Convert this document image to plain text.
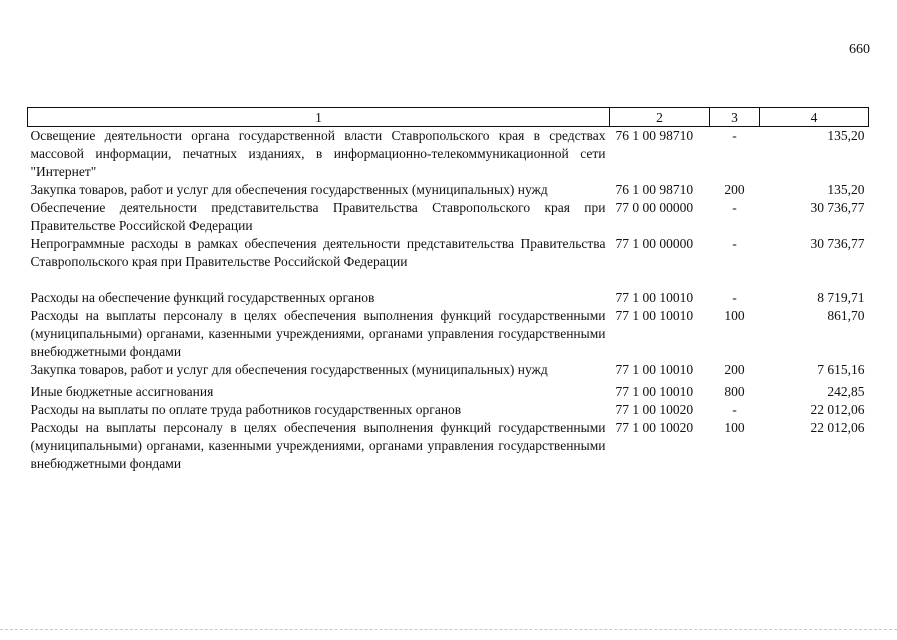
660
1	2	3	4
Освещение деятельности органа государственной власти Ставропольского края в средствах массовой информации, печатных изданиях, в информационно-телекоммуникационной сети "Интернет"	76 1 00 98710	-	135,20
Закупка товаров, работ и услуг для обеспечения государственных (муниципальных) нужд	76 1 00 98710	200	135,20
Обеспечение деятельности представительства Правительства Ставропольского края при Правительстве Российской Федерации	77 0 00 00000	-	30 736,77
Непрограммные расходы в рамках обеспечения деятельности представительства Правительства Ставропольского края при Правительстве Российской Федерации	77 1 00 00000	-	30 736,77
Расходы на обеспечение функций государственных органов	77 1 00 10010	-	8 719,71
Расходы на выплаты персоналу в целях обеспечения выполнения функций государственными (муниципальными) органами, казенными учреждениями, органами управления государственными внебюджетными фондами	77 1 00 10010	100	861,70
Закупка товаров, работ и услуг для обеспечения государственных (муниципальных) нужд	77 1 00 10010	200	7 615,16
Иные бюджетные ассигнования	77 1 00 10010	800	242,85
Расходы на выплаты по оплате труда работников государственных органов	77 1 00 10020	-	22 012,06
Расходы на выплаты персоналу в целях обеспечения выполнения функций государственными (муниципальными) органами, казенными учреждениями, органами управления государственными внебюджетными фондами	77 1 00 10020	100	22 012,06
